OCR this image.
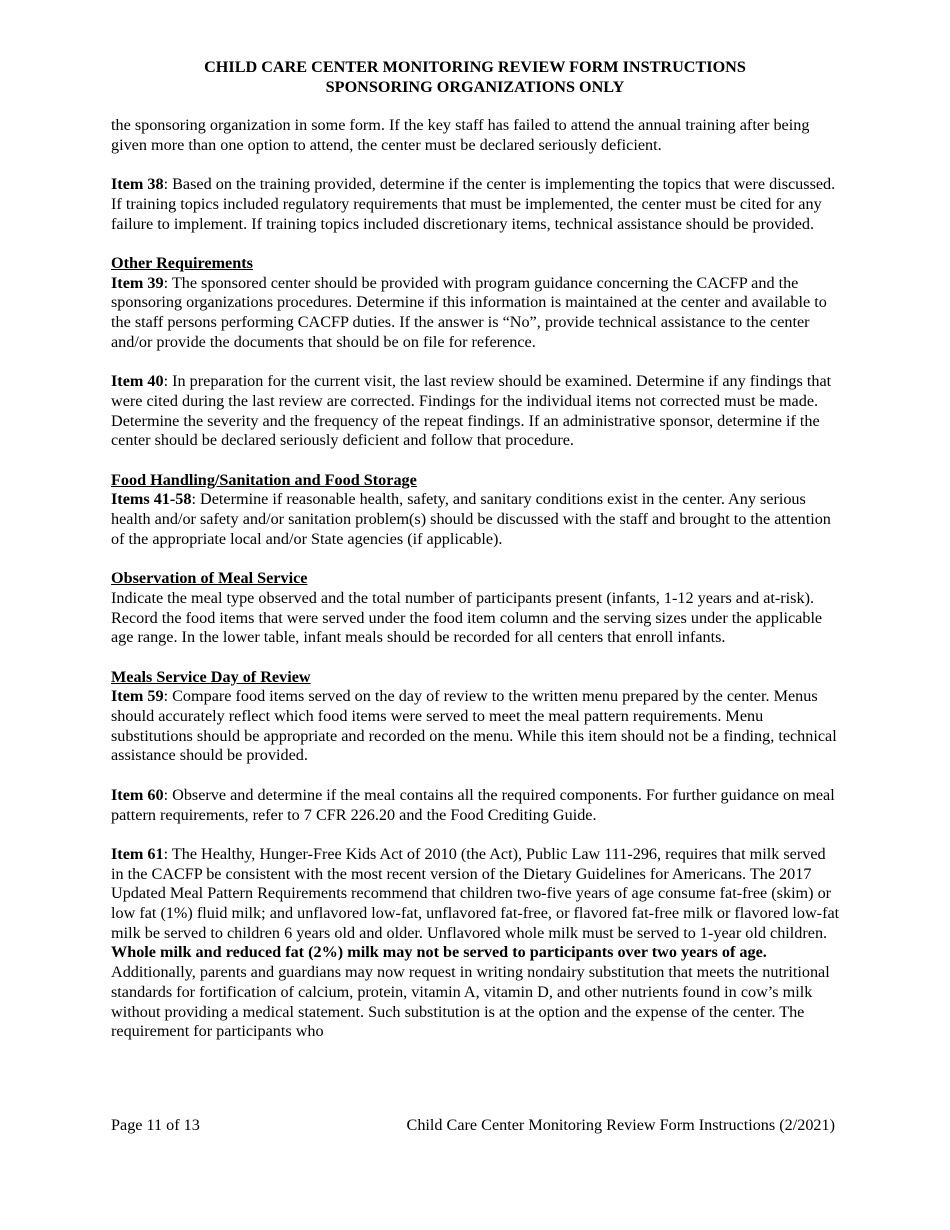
CHILD CARE CENTER MONITORING REVIEW FORM INSTRUCTIONS
SPONSORING ORGANIZATIONS ONLY

the sponsoring organization in some form. If the key staff has failed to attend the annual training after being given more than one option to attend, the center must be declared seriously deficient.

Item 38: Based on the training provided, determine if the center is implementing the topics that were discussed. If training topics included regulatory requirements that must be implemented, the center must be cited for any failure to implement. If training topics included discretionary items, technical assistance should be provided.

Other Requirements

Item 39: The sponsored center should be provided with program guidance concerning the CACFP and the sponsoring organizations procedures. Determine if this information is maintained at the center and available to the staff persons performing CACFP duties. If the answer is “No”, provide technical assistance to the center and/or provide the documents that should be on file for reference.

Item 40: In preparation for the current visit, the last review should be examined. Determine if any findings that were cited during the last review are corrected. Findings for the individual items not corrected must be made. Determine the severity and the frequency of the repeat findings. If an administrative sponsor, determine if the center should be declared seriously deficient and follow that procedure.

Food Handling/Sanitation and Food Storage

Items 41-58: Determine if reasonable health, safety, and sanitary conditions exist in the center. Any serious health and/or safety and/or sanitation problem(s) should be discussed with the staff and brought to the attention of the appropriate local and/or State agencies (if applicable).

Observation of Meal Service

Indicate the meal type observed and the total number of participants present (infants, 1-12 years and at-risk). Record the food items that were served under the food item column and the serving sizes under the applicable age range. In the lower table, infant meals should be recorded for all centers that enroll infants.

Meals Service Day of Review

Item 59: Compare food items served on the day of review to the written menu prepared by the center. Menus should accurately reflect which food items were served to meet the meal pattern requirements. Menu substitutions should be appropriate and recorded on the menu. While this item should not be a finding, technical assistance should be provided.

Item 60: Observe and determine if the meal contains all the required components. For further guidance on meal pattern requirements, refer to 7 CFR 226.20 and the Food Crediting Guide.

Item 61: The Healthy, Hunger-Free Kids Act of 2010 (the Act), Public Law 111-296, requires that milk served in the CACFP be consistent with the most recent version of the Dietary Guidelines for Americans. The 2017 Updated Meal Pattern Requirements recommend that children two-five years of age consume fat-free (skim) or low fat (1%) fluid milk; and unflavored low-fat, unflavored fat-free, or flavored fat-free milk or flavored low-fat milk be served to children 6 years old and older. Unflavored whole milk must be served to 1-year old children. Whole milk and reduced fat (2%) milk may not be served to participants over two years of age. Additionally, parents and guardians may now request in writing nondairy substitution that meets the nutritional standards for fortification of calcium, protein, vitamin A, vitamin D, and other nutrients found in cow’s milk without providing a medical statement. Such substitution is at the option and the expense of the center. The requirement for participants who

Page 11 of 13	Child Care Center Monitoring Review Form Instructions (2/2021)
